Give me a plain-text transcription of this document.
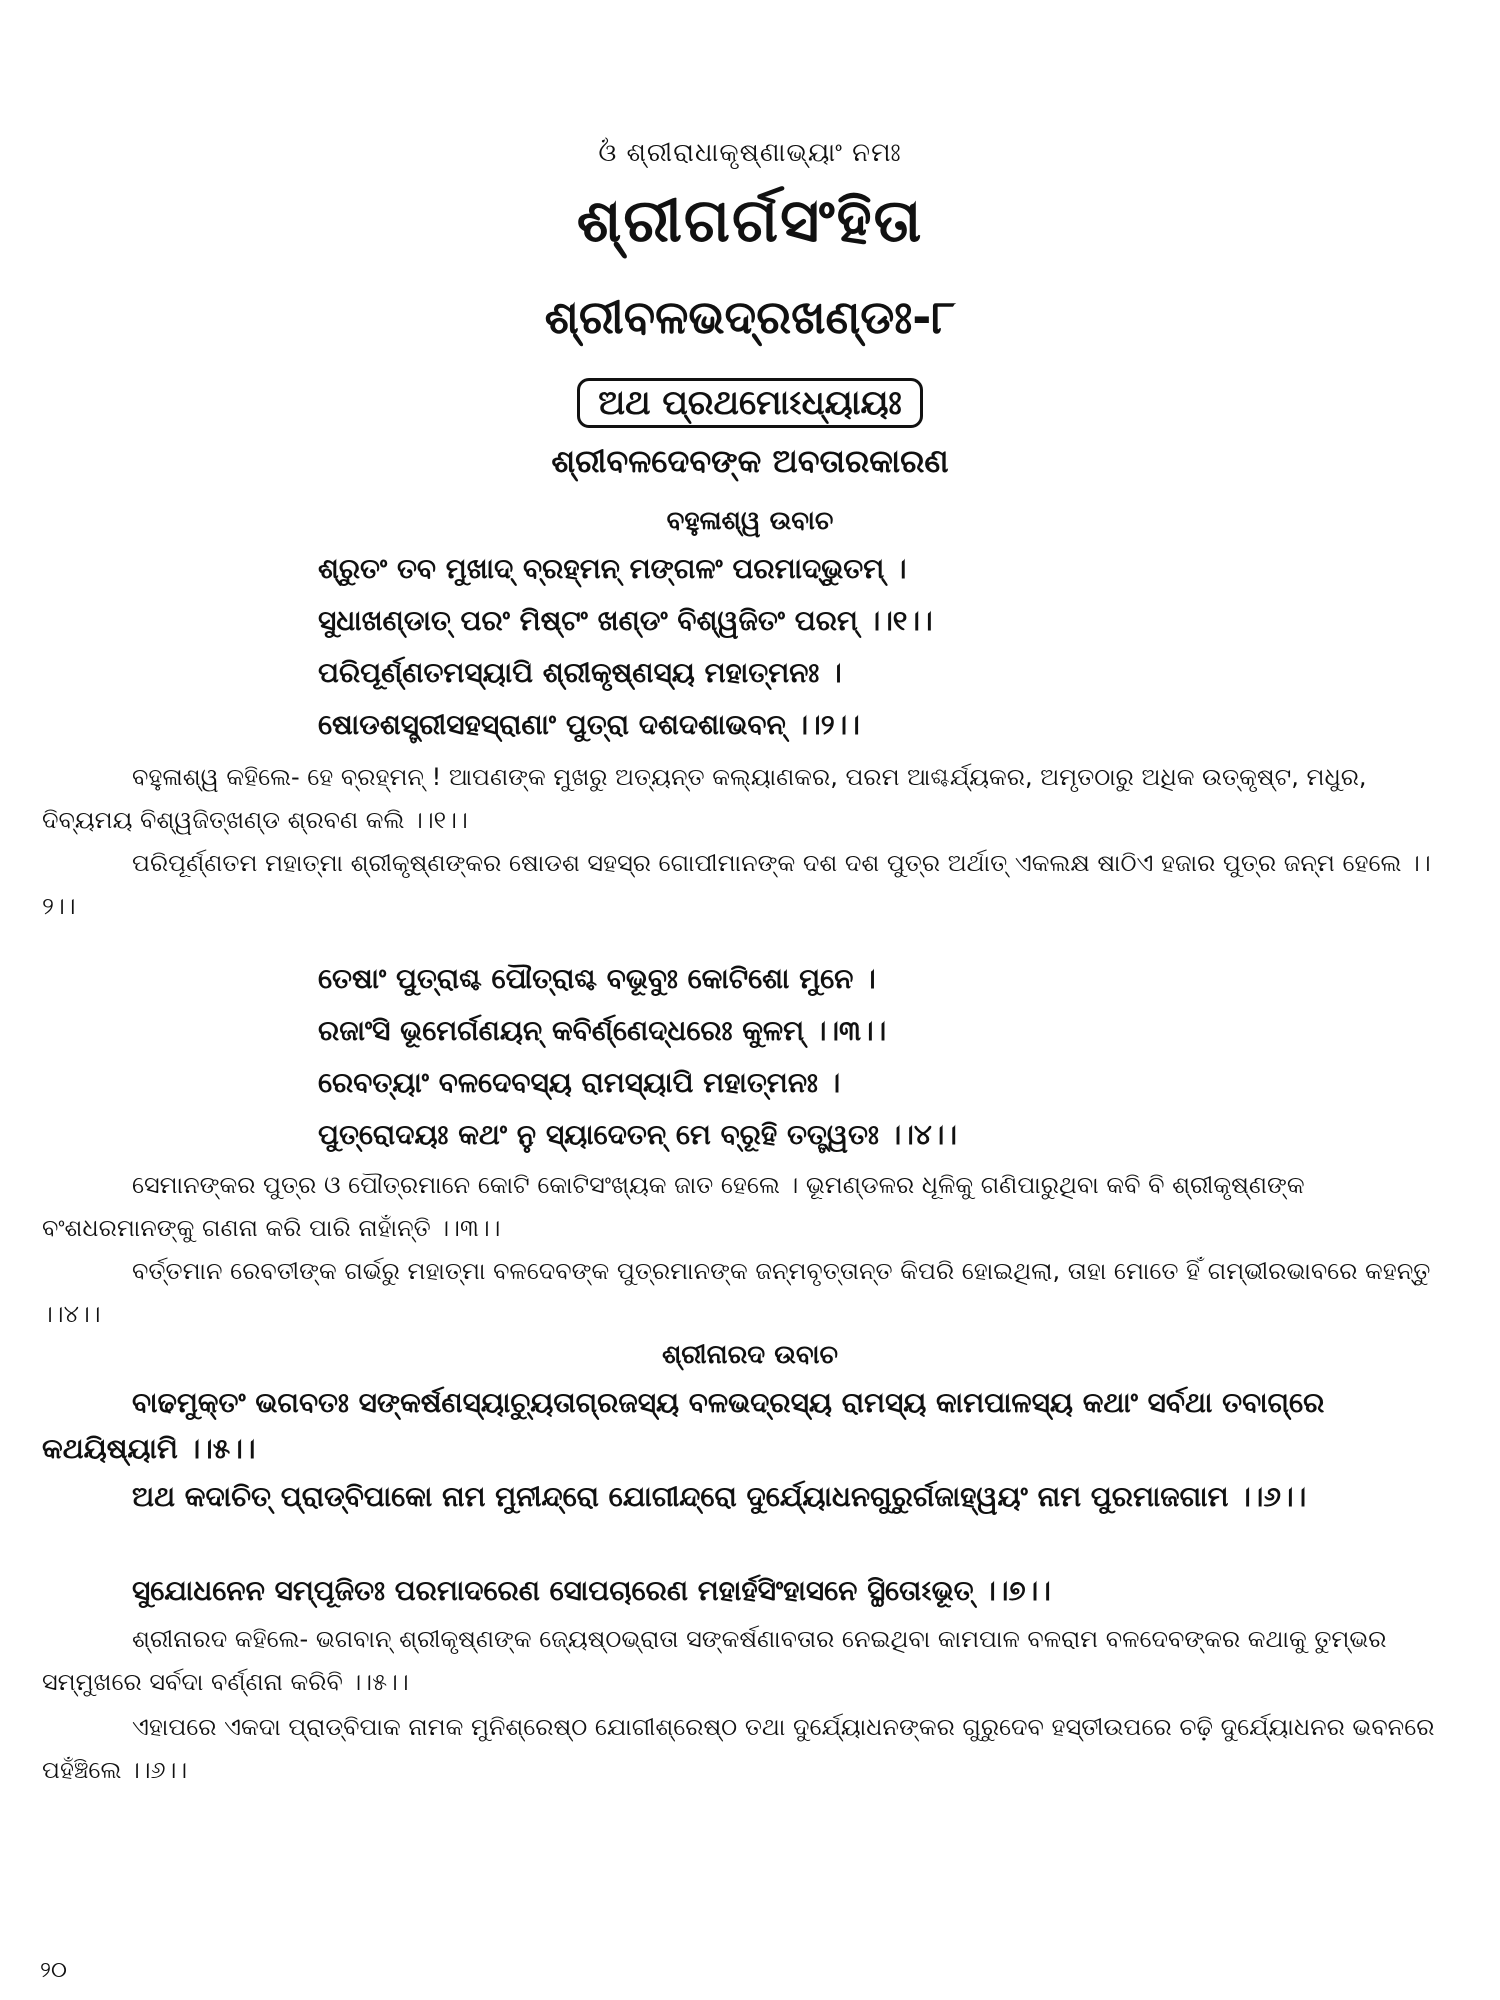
ଓଁ ଶ୍ରୀରାଧାକୃଷ୍ଣାଭ୍ୟାଂ ନମଃ
ଶ୍ରୀଗର୍ଗସଂହିତା
ଶ୍ରୀବଳଭଦ୍ରଖଣ୍ଡଃ-୮
ଅଥ ପ୍ରଥମୋଽଧ୍ୟାୟଃ
ଶ୍ରୀବଳଦେବଙ୍କ ଅବତାରକାରଣ
ବହୁଳାଶ୍ୱ ଉବାଚ
ଶ୍ରୁତଂ ତବ ମୁଖାଦ୍ ବ୍ରହ୍ମନ୍ ମଙ୍ଗଳଂ ପରମାଦ୍ଭୁତମ୍ ।
ସୁଧାଖଣ୍ଡାତ୍ ପରଂ ମିଷ୍ଟଂ ଖଣ୍ଡଂ ବିଶ୍ୱଜିତଂ ପରମ୍ ।।୧।।
ପରିପୂର୍ଣ୍ଣତମସ୍ୟାପି ଶ୍ରୀକୃଷ୍ଣସ୍ୟ ମହାତ୍ମନଃ ।
ଷୋଡଶସ୍ତ୍ରୀସହସ୍ରାଣାଂ ପୁତ୍ରା ଦଶଦଶାଭବନ୍ ।।୨।।
ବହୁଳାଶ୍ୱ କହିଲେ- ହେ ବ୍ରହ୍ମନ୍ ! ଆପଣଙ୍କ ମୁଖରୁ ଅତ୍ୟନ୍ତ କଲ୍ୟାଣକର, ପରମ ଆଶ୍ଚର୍ଯ୍ୟକର, ଅମୃତଠାରୁ ଅଧିକ ଉତ୍କୃଷ୍ଟ, ମଧୁର, ଦିବ୍ୟମୟ ବିଶ୍ୱଜିତ୍‌ଖଣ୍ଡ ଶ୍ରବଣ କଲି ।।୧।।
ପରିପୂର୍ଣ୍ଣତମ ମହାତ୍ମା ଶ୍ରୀକୃଷ୍ଣଙ୍କର ଷୋଡଶ ସହସ୍ର ଗୋପୀମାନଙ୍କ ଦଶ ଦଶ ପୁତ୍ର ଅର୍ଥାତ୍ ଏକଲକ୍ଷ ଷାଠିଏ ହଜାର ପୁତ୍ର ଜନ୍ମ ହେଲେ ।।୨।।
ତେଷାଂ ପୁତ୍ରାଶ୍ଚ ପୌତ୍ରାଶ୍ଚ ବଭୂବୁଃ କୋଟିଶୋ ମୁନେ ।
ରଜାଂସି ଭୂମେର୍ଗଣୟନ୍ କବିର୍ଣ୍ଣେଦ୍ଧରେଃ କୁଳମ୍ ।।୩।।
ରେବତ୍ୟାଂ ବଳଦେବସ୍ୟ ରାମସ୍ୟାପି ମହାତ୍ମନଃ ।
ପୁତ୍ରୋଦୟଃ କଥଂ ନୁ ସ୍ୟାଦେତନ୍ ମେ ବ୍ରୂହି ତତ୍ତ୍ୱତଃ ।।୪।।
ସେମାନଙ୍କର ପୁତ୍ର ଓ ପୌତ୍ରମାନେ କୋଟି କୋଟିସଂଖ୍ୟକ ଜାତ ହେଲେ । ଭୂମଣ୍ଡଳର ଧୂଳିକୁ ଗଣିପାରୁଥିବା କବି ବି ଶ୍ରୀକୃଷ୍ଣଙ୍କ ବଂଶଧରମାନଙ୍କୁ ଗଣନା କରି ପାରି ନାହାଁନ୍ତି ।।୩।।
ବର୍ତ୍ତମାନ ରେବତୀଙ୍କ ଗର୍ଭରୁ ମହାତ୍ମା ବଳଦେବଙ୍କ ପୁତ୍ରମାନଙ୍କ ଜନ୍ମବୃତ୍ତାନ୍ତ କିପରି ହୋଇଥିଲା, ତାହା ମୋତେ ହିଁ ଗମ୍ଭୀରଭାବରେ କହନ୍ତୁ ।।୪।।
ଶ୍ରୀନାରଦ ଉବାଚ
ବାଢମୁକ୍ତଂ ଭଗବତଃ ସଙ୍କର୍ଷଣସ୍ୟାଚ୍ୟୁତାଗ୍ରଜସ୍ୟ ବଳଭଦ୍ରସ୍ୟ ରାମସ୍ୟ କାମପାଳସ୍ୟ କଥାଂ ସର୍ବଥା ତବାଗ୍ରେ କଥୟିଷ୍ୟାମି ।।୫।।
ଅଥ କଦାଚିତ୍ ପ୍ରାଡ୍‌ବିପାକୋ ନାମ ମୁନୀନ୍ଦ୍ରୋ ଯୋଗୀନ୍ଦ୍ରୋ ଦୁର୍ଯ୍ୟୋଧନଗୁରୁର୍ଗଜାହ୍ୱୟଂ ନାମ ପୁରମାଜଗାମ ।।୬।।
ସୁଯୋଧନେନ ସମ୍ପୂଜିତଃ ପରମାଦରେଣ ସୋପଚାରେଣ ମହାର୍ହସିଂହାସନେ ସ୍ଥିତୋଽଭୂତ୍ ।।୭।।
ଶ୍ରୀନାରଦ କହିଲେ- ଭଗବାନ୍ ଶ୍ରୀକୃଷ୍ଣଙ୍କ ଜ୍ୟେଷ୍ଠଭ୍ରାତା ସଙ୍କର୍ଷଣାବତାର ନେଇଥିବା କାମପାଳ ବଳରାମ ବଳଦେବଙ୍କର କଥାକୁ ତୁମ୍ଭର ସମ୍ମୁଖରେ ସର୍ବଦା ବର୍ଣ୍ଣନା କରିବି ।।୫।।
ଏହାପରେ ଏକଦା ପ୍ରାଡ୍‌ବିପାକ ନାମକ ମୁନିଶ୍ରେଷ୍ଠ ଯୋଗୀଶ୍ରେଷ୍ଠ ତଥା ଦୁର୍ଯ୍ୟୋଧନଙ୍କର ଗୁରୁଦେବ ହସ୍ତୀଉପରେ ଚଢ଼ି ଦୁର୍ଯ୍ୟୋଧନର ଭବନରେ ପହଁଞ୍ଚିଲେ ।।୬।।
୨୦
